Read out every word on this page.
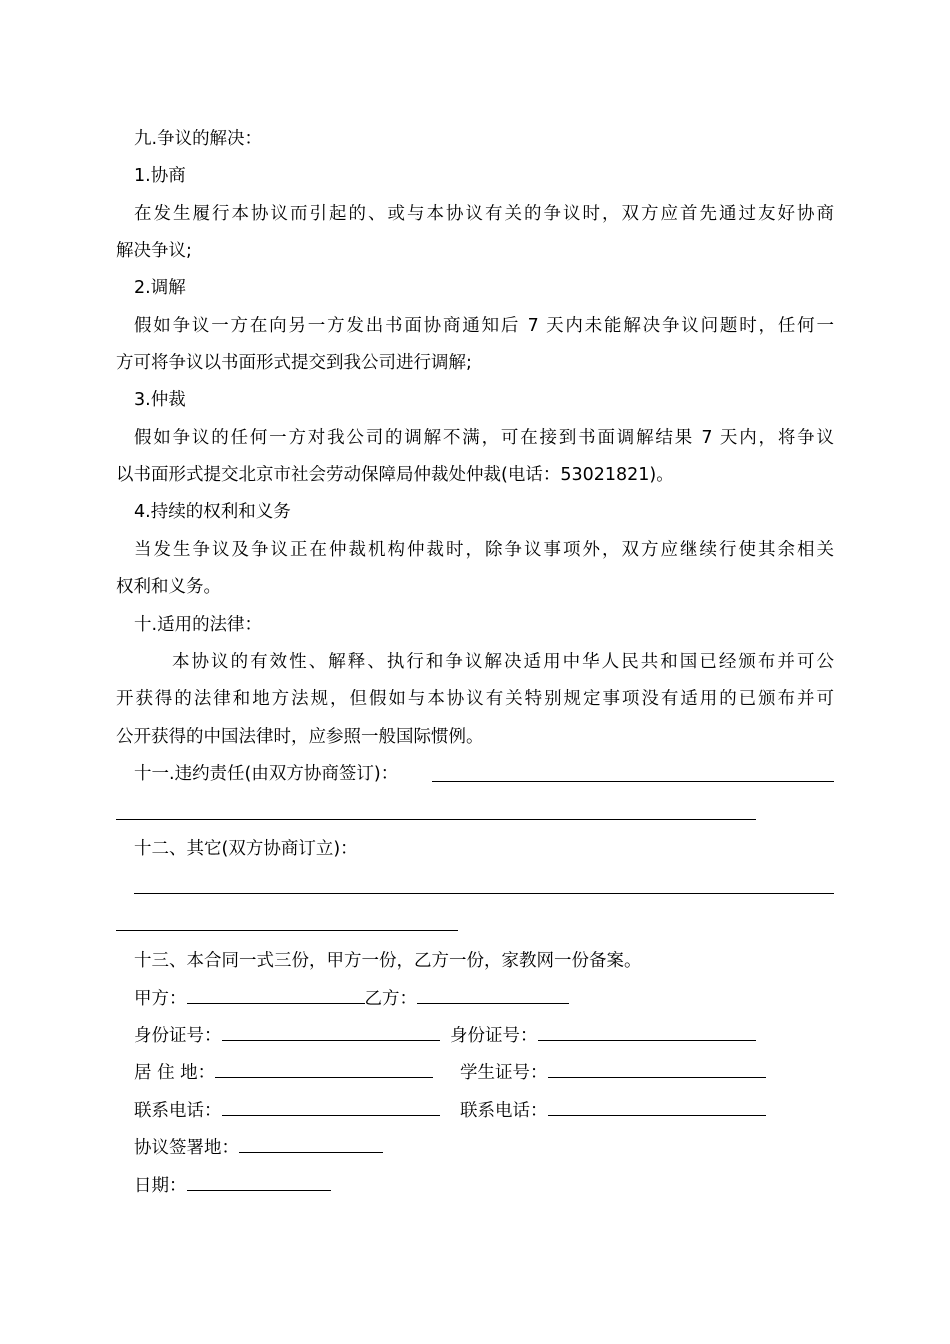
九.争议的解决：
1.协商
在发生履行本协议而引起的、或与本协议有关的争议时，双方应首先通过友好协商
解决争议;
2.调解
假如争议一方在向另一方发出书面协商通知后 7 天内未能解决争议问题时，任何一
方可将争议以书面形式提交到我公司进行调解;
3.仲裁
假如争议的任何一方对我公司的调解不满，可在接到书面调解结果 7 天内，将争议
以书面形式提交北京市社会劳动保障局仲裁处仲裁(电话：53021821)。
4.持续的权利和义务
当发生争议及争议正在仲裁机构仲裁时，除争议事项外，双方应继续行使其余相关
权利和义务。
十.适用的法律：
本协议的有效性、解释、执行和争议解决适用中华人民共和国已经颁布并可公
开获得的法律和地方法规，但假如与本协议有关特别规定事项没有适用的已颁布并可
公开获得的中国法律时，应参照一般国际惯例。
十一.违约责任(由双方协商签订)：
十二、其它(双方协商订立)：
十三、本合同一式三份，甲方一份，乙方一份，家教网一份备案。
甲方：	乙方：
身份证号：	身份证号：
居 住 地：	学生证号：
联系电话：	联系电话：
协议签署地：
日期：
